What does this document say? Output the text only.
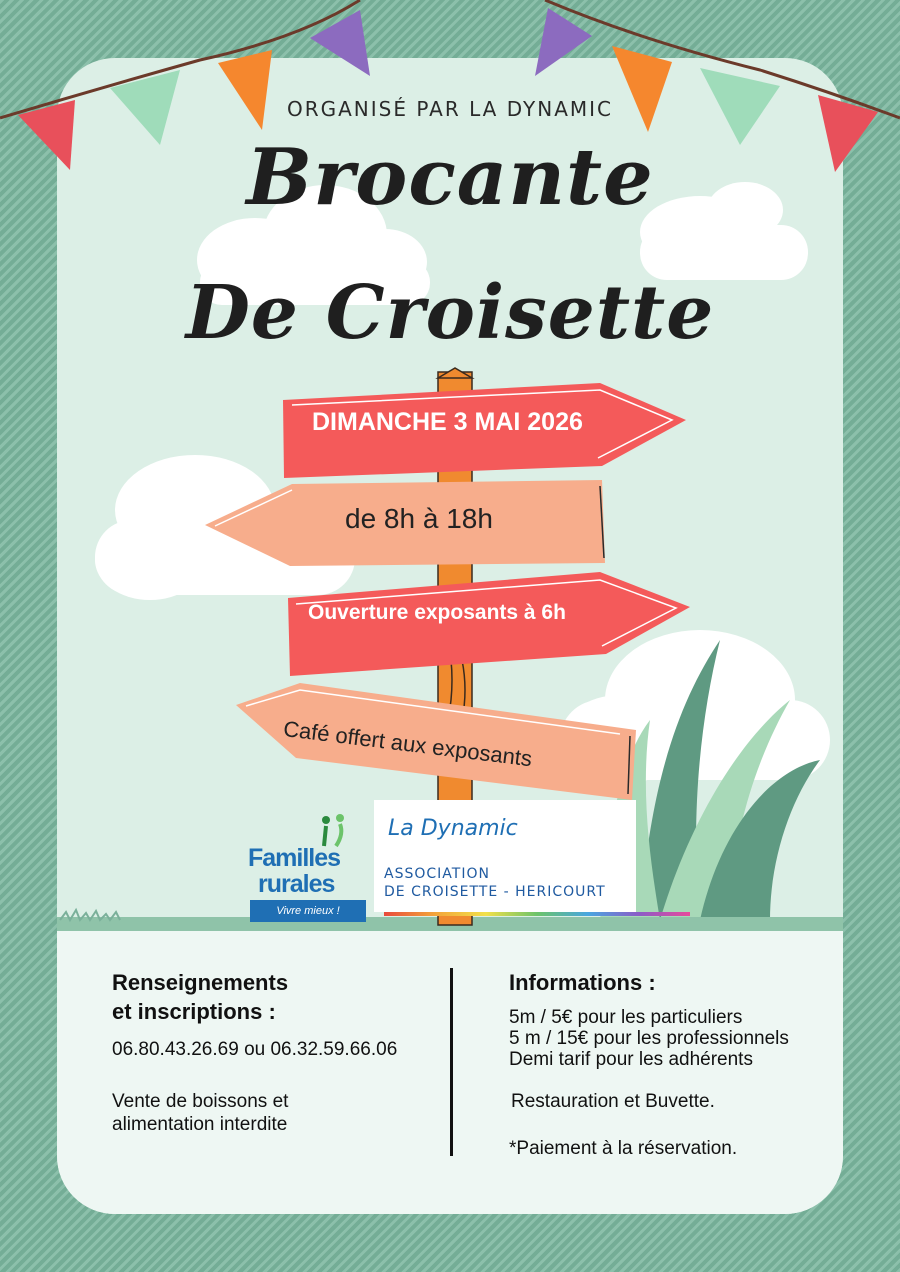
ORGANISÉ PAR LA DYNAMIC
Brocante
De Croisette
DIMANCHE 3 MAI 2026
de 8h à 18h
Ouverture exposants à 6h
Café offert aux exposants
Familles
rurales
Vivre mieux !
La Dynamic
ASSOCIATION
DE CROISETTE - HERICOURT
Renseignements
et inscriptions :
06.80.43.26.69 ou 06.32.59.66.06
Vente de boissons et
alimentation interdite
Informations :
5m / 5€ pour les particuliers
5 m / 15€ pour les professionnels
Demi tarif pour les adhérents
Restauration et Buvette.
*Paiement à la réservation.
